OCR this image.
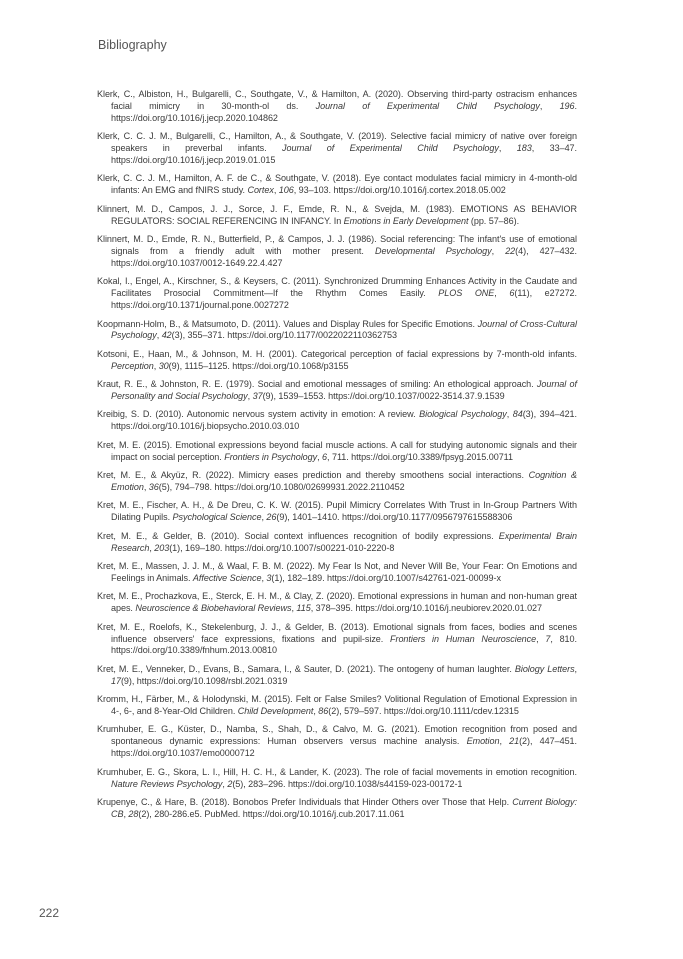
Bibliography

Klerk, C., Albiston, H., Bulgarelli, C., Southgate, V., & Hamilton, A. (2020). Observing third-party ostracism enhances facial mimicry in 30-month-ol ds. Journal of Experimental Child Psychology, 196. https://doi.org/10.1016/j.jecp.2020.104862

Klerk, C. C. J. M., Bulgarelli, C., Hamilton, A., & Southgate, V. (2019). Selective facial mimicry of native over foreign speakers in preverbal infants. Journal of Experimental Child Psychology, 183, 33–47. https://doi.org/10.1016/j.jecp.2019.01.015

Klerk, C. C. J. M., Hamilton, A. F. de C., & Southgate, V. (2018). Eye contact modulates facial mimicry in 4-month-old infants: An EMG and fNIRS study. Cortex, 106, 93–103. https://doi.org/10.1016/j.cortex.2018.05.002

Klinnert, M. D., Campos, J. J., Sorce, J. F., Emde, R. N., & Svejda, M. (1983). EMOTIONS AS BEHAVIOR REGULATORS: SOCIAL REFERENCING IN INFANCY. In Emotions in Early Development (pp. 57–86).

Klinnert, M. D., Emde, R. N., Butterfield, P., & Campos, J. J. (1986). Social referencing: The infant's use of emotional signals from a friendly adult with mother present. Developmental Psychology, 22(4), 427–432. https://doi.org/10.1037/0012-1649.22.4.427

Kokal, I., Engel, A., Kirschner, S., & Keysers, C. (2011). Synchronized Drumming Enhances Activity in the Caudate and Facilitates Prosocial Commitment—If the Rhythm Comes Easily. PLOS ONE, 6(11), e27272. https://doi.org/10.1371/journal.pone.0027272

Koopmann-Holm, B., & Matsumoto, D. (2011). Values and Display Rules for Specific Emotions. Journal of Cross-Cultural Psychology, 42(3), 355–371. https://doi.org/10.1177/0022022110362753

Kotsoni, E., Haan, M., & Johnson, M. H. (2001). Categorical perception of facial expressions by 7-month-old infants. Perception, 30(9), 1115–1125. https://doi.org/10.1068/p3155

Kraut, R. E., & Johnston, R. E. (1979). Social and emotional messages of smiling: An ethological approach. Journal of Personality and Social Psychology, 37(9), 1539–1553. https://doi.org/10.1037/0022-3514.37.9.1539

Kreibig, S. D. (2010). Autonomic nervous system activity in emotion: A review. Biological Psychology, 84(3), 394–421. https://doi.org/10.1016/j.biopsycho.2010.03.010

Kret, M. E. (2015). Emotional expressions beyond facial muscle actions. A call for studying autonomic signals and their impact on social perception. Frontiers in Psychology, 6, 711. https://doi.org/10.3389/fpsyg.2015.00711

Kret, M. E., & Akyüz, R. (2022). Mimicry eases prediction and thereby smoothens social interactions. Cognition & Emotion, 36(5), 794–798. https://doi.org/10.1080/02699931.2022.2110452

Kret, M. E., Fischer, A. H., & De Dreu, C. K. W. (2015). Pupil Mimicry Correlates With Trust in In-Group Partners With Dilating Pupils. Psychological Science, 26(9), 1401–1410. https://doi.org/10.1177/0956797615588306

Kret, M. E., & Gelder, B. (2010). Social context influences recognition of bodily expressions. Experimental Brain Research, 203(1), 169–180. https://doi.org/10.1007/s00221-010-2220-8

Kret, M. E., Massen, J. J. M., & Waal, F. B. M. (2022). My Fear Is Not, and Never Will Be, Your Fear: On Emotions and Feelings in Animals. Affective Science, 3(1), 182–189. https://doi.org/10.1007/s42761-021-00099-x

Kret, M. E., Prochazkova, E., Sterck, E. H. M., & Clay, Z. (2020). Emotional expressions in human and non-human great apes. Neuroscience & Biobehavioral Reviews, 115, 378–395. https://doi.org/10.1016/j.neubiorev.2020.01.027

Kret, M. E., Roelofs, K., Stekelenburg, J. J., & Gelder, B. (2013). Emotional signals from faces, bodies and scenes influence observers' face expressions, fixations and pupil-size. Frontiers in Human Neuroscience, 7, 810. https://doi.org/10.3389/fnhum.2013.00810

Kret, M. E., Venneker, D., Evans, B., Samara, I., & Sauter, D. (2021). The ontogeny of human laughter. Biology Letters, 17(9), https://doi.org/10.1098/rsbl.2021.0319

Kromm, H., Färber, M., & Holodynski, M. (2015). Felt or False Smiles? Volitional Regulation of Emotional Expression in 4-, 6-, and 8-Year-Old Children. Child Development, 86(2), 579–597. https://doi.org/10.1111/cdev.12315

Krumhuber, E. G., Küster, D., Namba, S., Shah, D., & Calvo, M. G. (2021). Emotion recognition from posed and spontaneous dynamic expressions: Human observers versus machine analysis. Emotion, 21(2), 447–451. https://doi.org/10.1037/emo0000712

Krumhuber, E. G., Skora, L. I., Hill, H. C. H., & Lander, K. (2023). The role of facial movements in emotion recognition. Nature Reviews Psychology, 2(5), 283–296. https://doi.org/10.1038/s44159-023-00172-1

Krupenye, C., & Hare, B. (2018). Bonobos Prefer Individuals that Hinder Others over Those that Help. Current Biology: CB, 28(2), 280-286.e5. PubMed. https://doi.org/10.1016/j.cub.2017.11.061

222
